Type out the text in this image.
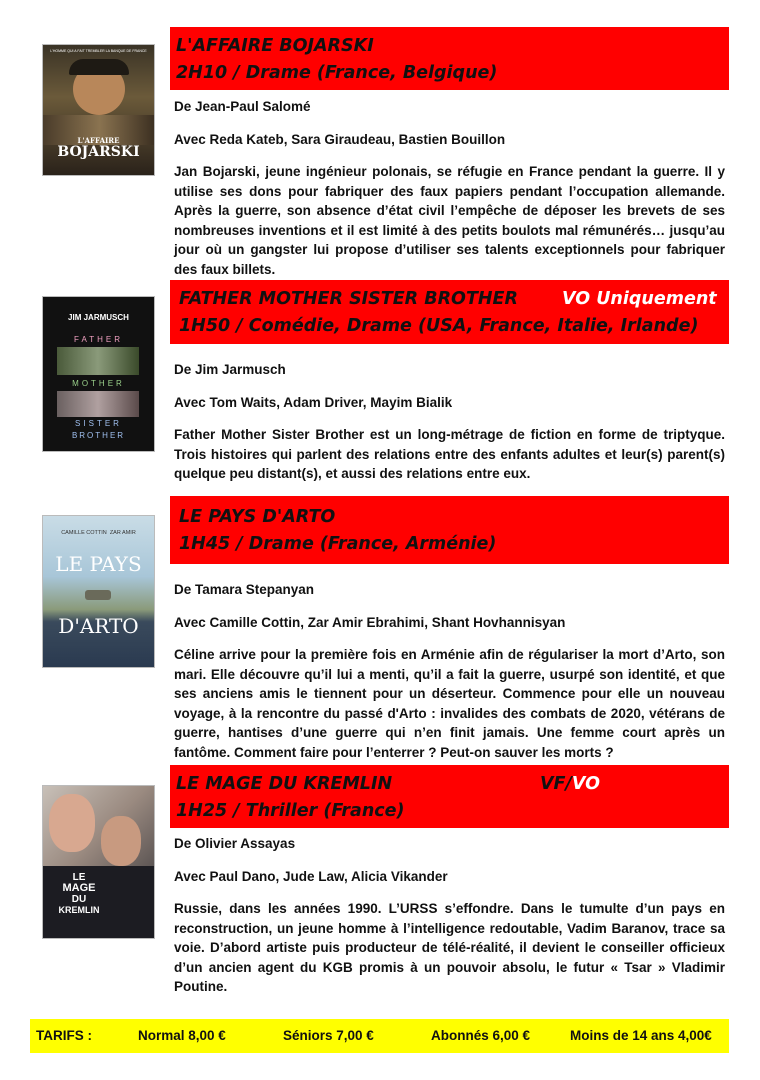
L'HOMME QUI A FAIT TREMBLER LA BANQUE DE FRANCE
L'AFFAIRE
BOJARSKI
L'AFFAIRE BOJARSKI
2H10 / Drame (France, Belgique)

De Jean-Paul Salomé

Avec Reda Kateb, Sara Giraudeau, Bastien Bouillon

Jan Bojarski, jeune ingénieur polonais, se réfugie en France pendant la guerre. Il y utilise ses dons pour fabriquer des faux papiers pendant l’occupation allemande. Après la guerre, son absence d’état civil l’empêche de déposer les brevets de ses nombreuses inventions et il est limité à des petits boulots mal rémunérés… jusqu’au jour où un gangster lui propose d’utiliser ses talents exceptionnels pour fabriquer des faux billets.

JIM JARMUSCH
FATHER
MOTHER
SISTER
BROTHER
FATHER MOTHER SISTER BROTHER	VO Uniquement
1H50 / Comédie, Drame (USA, France, Italie, Irlande)

De Jim Jarmusch

Avec Tom Waits, Adam Driver, Mayim Bialik

Father Mother Sister Brother est un long-métrage de fiction en forme de triptyque. Trois histoires qui parlent des relations entre des enfants adultes et leur(s) parent(s) quelque peu distant(s), et aussi des relations entre eux.

CAMILLE COTTIN ZAR AMIR
LE PAYS
D'ARTO
LE PAYS D'ARTO
1H45 / Drame (France, Arménie)

De Tamara Stepanyan

Avec Camille Cottin, Zar Amir Ebrahimi, Shant Hovhannisyan

Céline arrive pour la première fois en Arménie afin de régulariser la mort d’Arto, son mari. Elle découvre qu’il lui a menti, qu’il a fait la guerre, usurpé son identité, et que ses anciens amis le tiennent pour un déserteur. Commence pour elle un nouveau voyage, à la rencontre du passé d'Arto : invalides des combats de 2020, vétérans de guerre, hantises d’une guerre qui n’en finit jamais. Une femme court après un fantôme. Comment faire pour l’enterrer ? Peut-on sauver les morts ?

LE
MAGE
DU
KREMLIN
LE MAGE DU KREMLIN	VF/VO
1H25 / Thriller (France)

De Olivier Assayas

Avec Paul Dano, Jude Law, Alicia Vikander

Russie, dans les années 1990. L’URSS s’effondre. Dans le tumulte d’un pays en reconstruction, un jeune homme à l’intelligence redoutable, Vadim Baranov, trace sa voie. D’abord artiste puis producteur de télé-réalité, il devient le conseiller officieux d’un ancien agent du KGB promis à un pouvoir absolu, le futur « Tsar » Vladimir Poutine.

TARIFS :	Normal 8,00 €	Séniors 7,00 €	Abonnés 6,00 €	Moins de 14 ans 4,00€
